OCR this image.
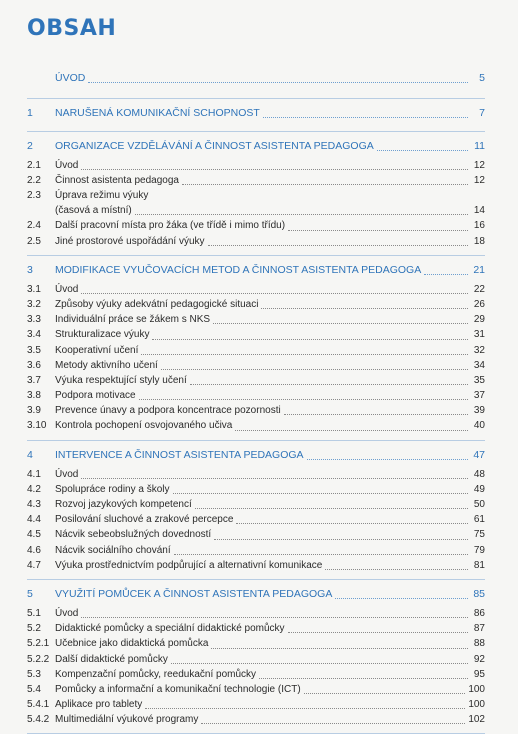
OBSAH
ÚVOD	5
1	NARUŠENÁ KOMUNIKAČNÍ SCHOPNOST	7
2	ORGANIZACE VZDĚLÁVÁNÍ A ČINNOST ASISTENTA PEDAGOGA	11
2.1	Úvod	12
2.2	Činnost asistenta pedagoga	12
2.3	Úprava režimu výuky
(časová a místní)	14
2.4	Další pracovní místa pro žáka (ve třídě i mimo třídu)	16
2.5	Jiné prostorové uspořádání výuky	18
3	MODIFIKACE VYUČOVACÍCH METOD A ČINNOST ASISTENTA PEDAGOGA	21
3.1	Úvod	22
3.2	Způsoby výuky adekvátní pedagogické situaci	26
3.3	Individuální práce se žákem s NKS	29
3.4	Strukturalizace výuky	31
3.5	Kooperativní učení	32
3.6	Metody aktivního učení	34
3.7	Výuka respektující styly učení	35
3.8	Podpora motivace	37
3.9	Prevence únavy a podpora koncentrace pozornosti	39
3.10 Kontrola pochopení osvojovaného učiva	40
4	INTERVENCE A ČINNOST ASISTENTA PEDAGOGA	47
4.1	Úvod	48
4.2	Spolupráce rodiny a školy	49
4.3	Rozvoj jazykových kompetencí	50
4.4	Posilování sluchové a zrakové percepce	61
4.5	Nácvik sebeobslužných dovedností	75
4.6	Nácvik sociálního chování	79
4.7	Výuka prostřednictvím podpůrující a alternativní komunikace	81
5	VYUŽITÍ POMŮCEK A ČINNOST ASISTENTA PEDAGOGA	85
5.1	Úvod	86
5.2	Didaktické pomůcky a speciální didaktické pomůcky	87
5.2.1 Učebnice jako didaktická pomůcka	88
5.2.2 Další didaktické pomůcky	92
5.3	Kompenzační pomůcky, reedukační pomůcky	95
5.4	Pomůcky a informační a komunikační technologie (ICT)	100
5.4.1 Aplikace pro tablety	100
5.4.2 Multimediální výukové programy	102
